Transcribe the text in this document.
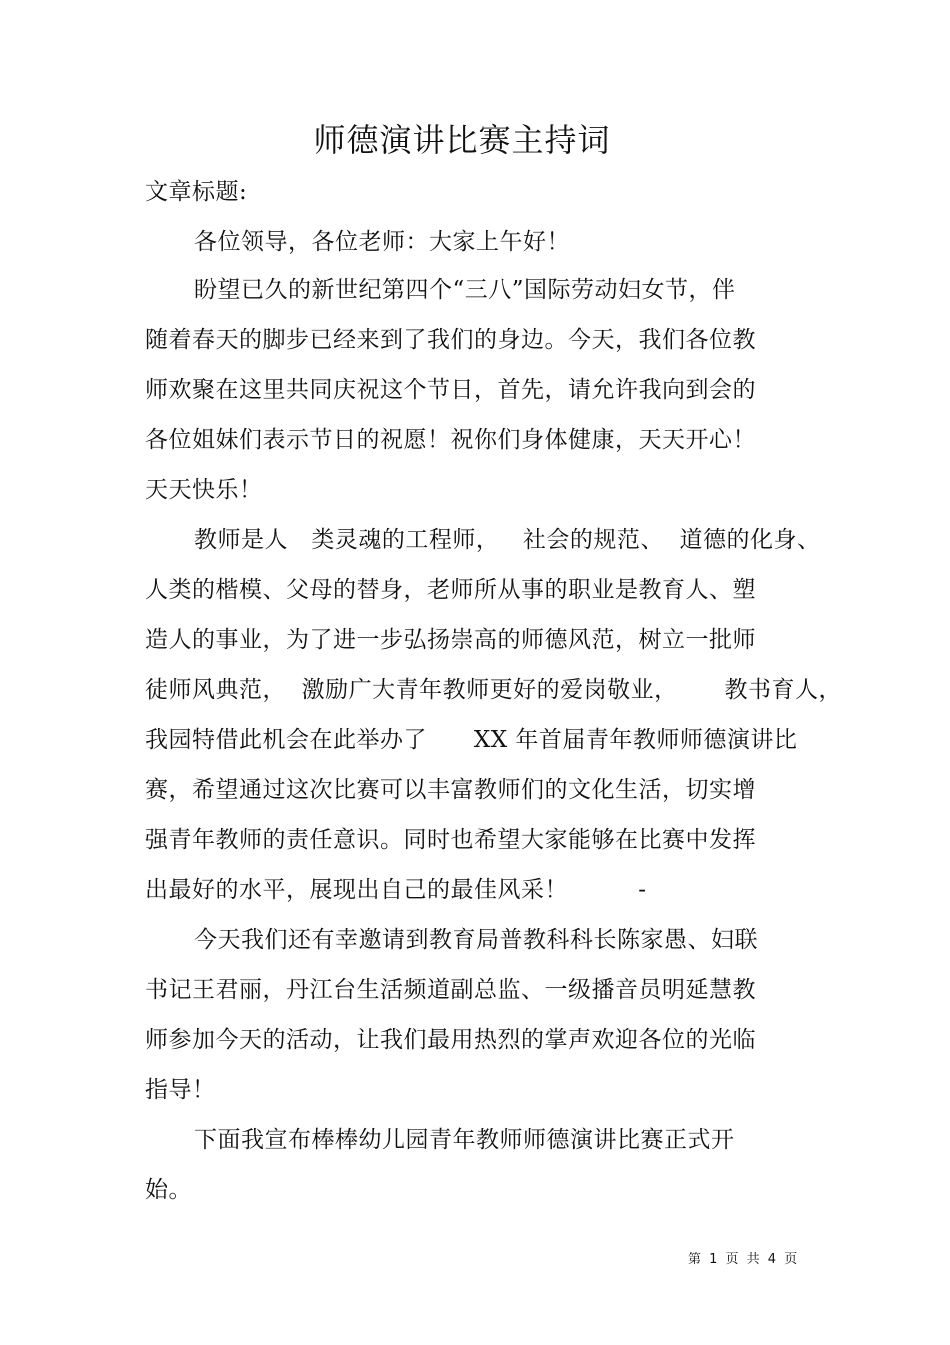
师德演讲比赛主持词
文章标题:
各位领导，各位老师：大家上午好！
盼望已久的新世纪第四个“三八”国际劳动妇女节，伴
随着春天的脚步已经来到了我们的身边。今天，我们各位教
师欢聚在这里共同庆祝这个节日，首先，请允许我向到会的
各位姐妹们表示节日的祝愿！祝你们身体健康，天天开心！
天天快乐！
教师是人   类灵魂的工程师，   社会的规范、  道德的化身、
人类的楷模、父母的替身，老师所从事的职业是教育人、塑
造人的事业，为了进一步弘扬崇高的师德风范，树立一批师
徒师风典范，  激励广大青年教师更好的爱岗敬业，      教书育人，
我园特借此机会在此举办了      XX 年首届青年教师师德演讲比
赛，希望通过这次比赛可以丰富教师们的文化生活，切实增
强青年教师的责任意识。同时也希望大家能够在比赛中发挥
出最好的水平，展现出自己的最佳风采！         -
今天我们还有幸邀请到教育局普教科科长陈家愚、妇联
书记王君丽，丹江台生活频道副总监、一级播音员明延慧教
师参加今天的活动，让我们最用热烈的掌声欢迎各位的光临
指导！
下面我宣布棒棒幼儿园青年教师师德演讲比赛正式开
始。
第 1 页 共 4 页
